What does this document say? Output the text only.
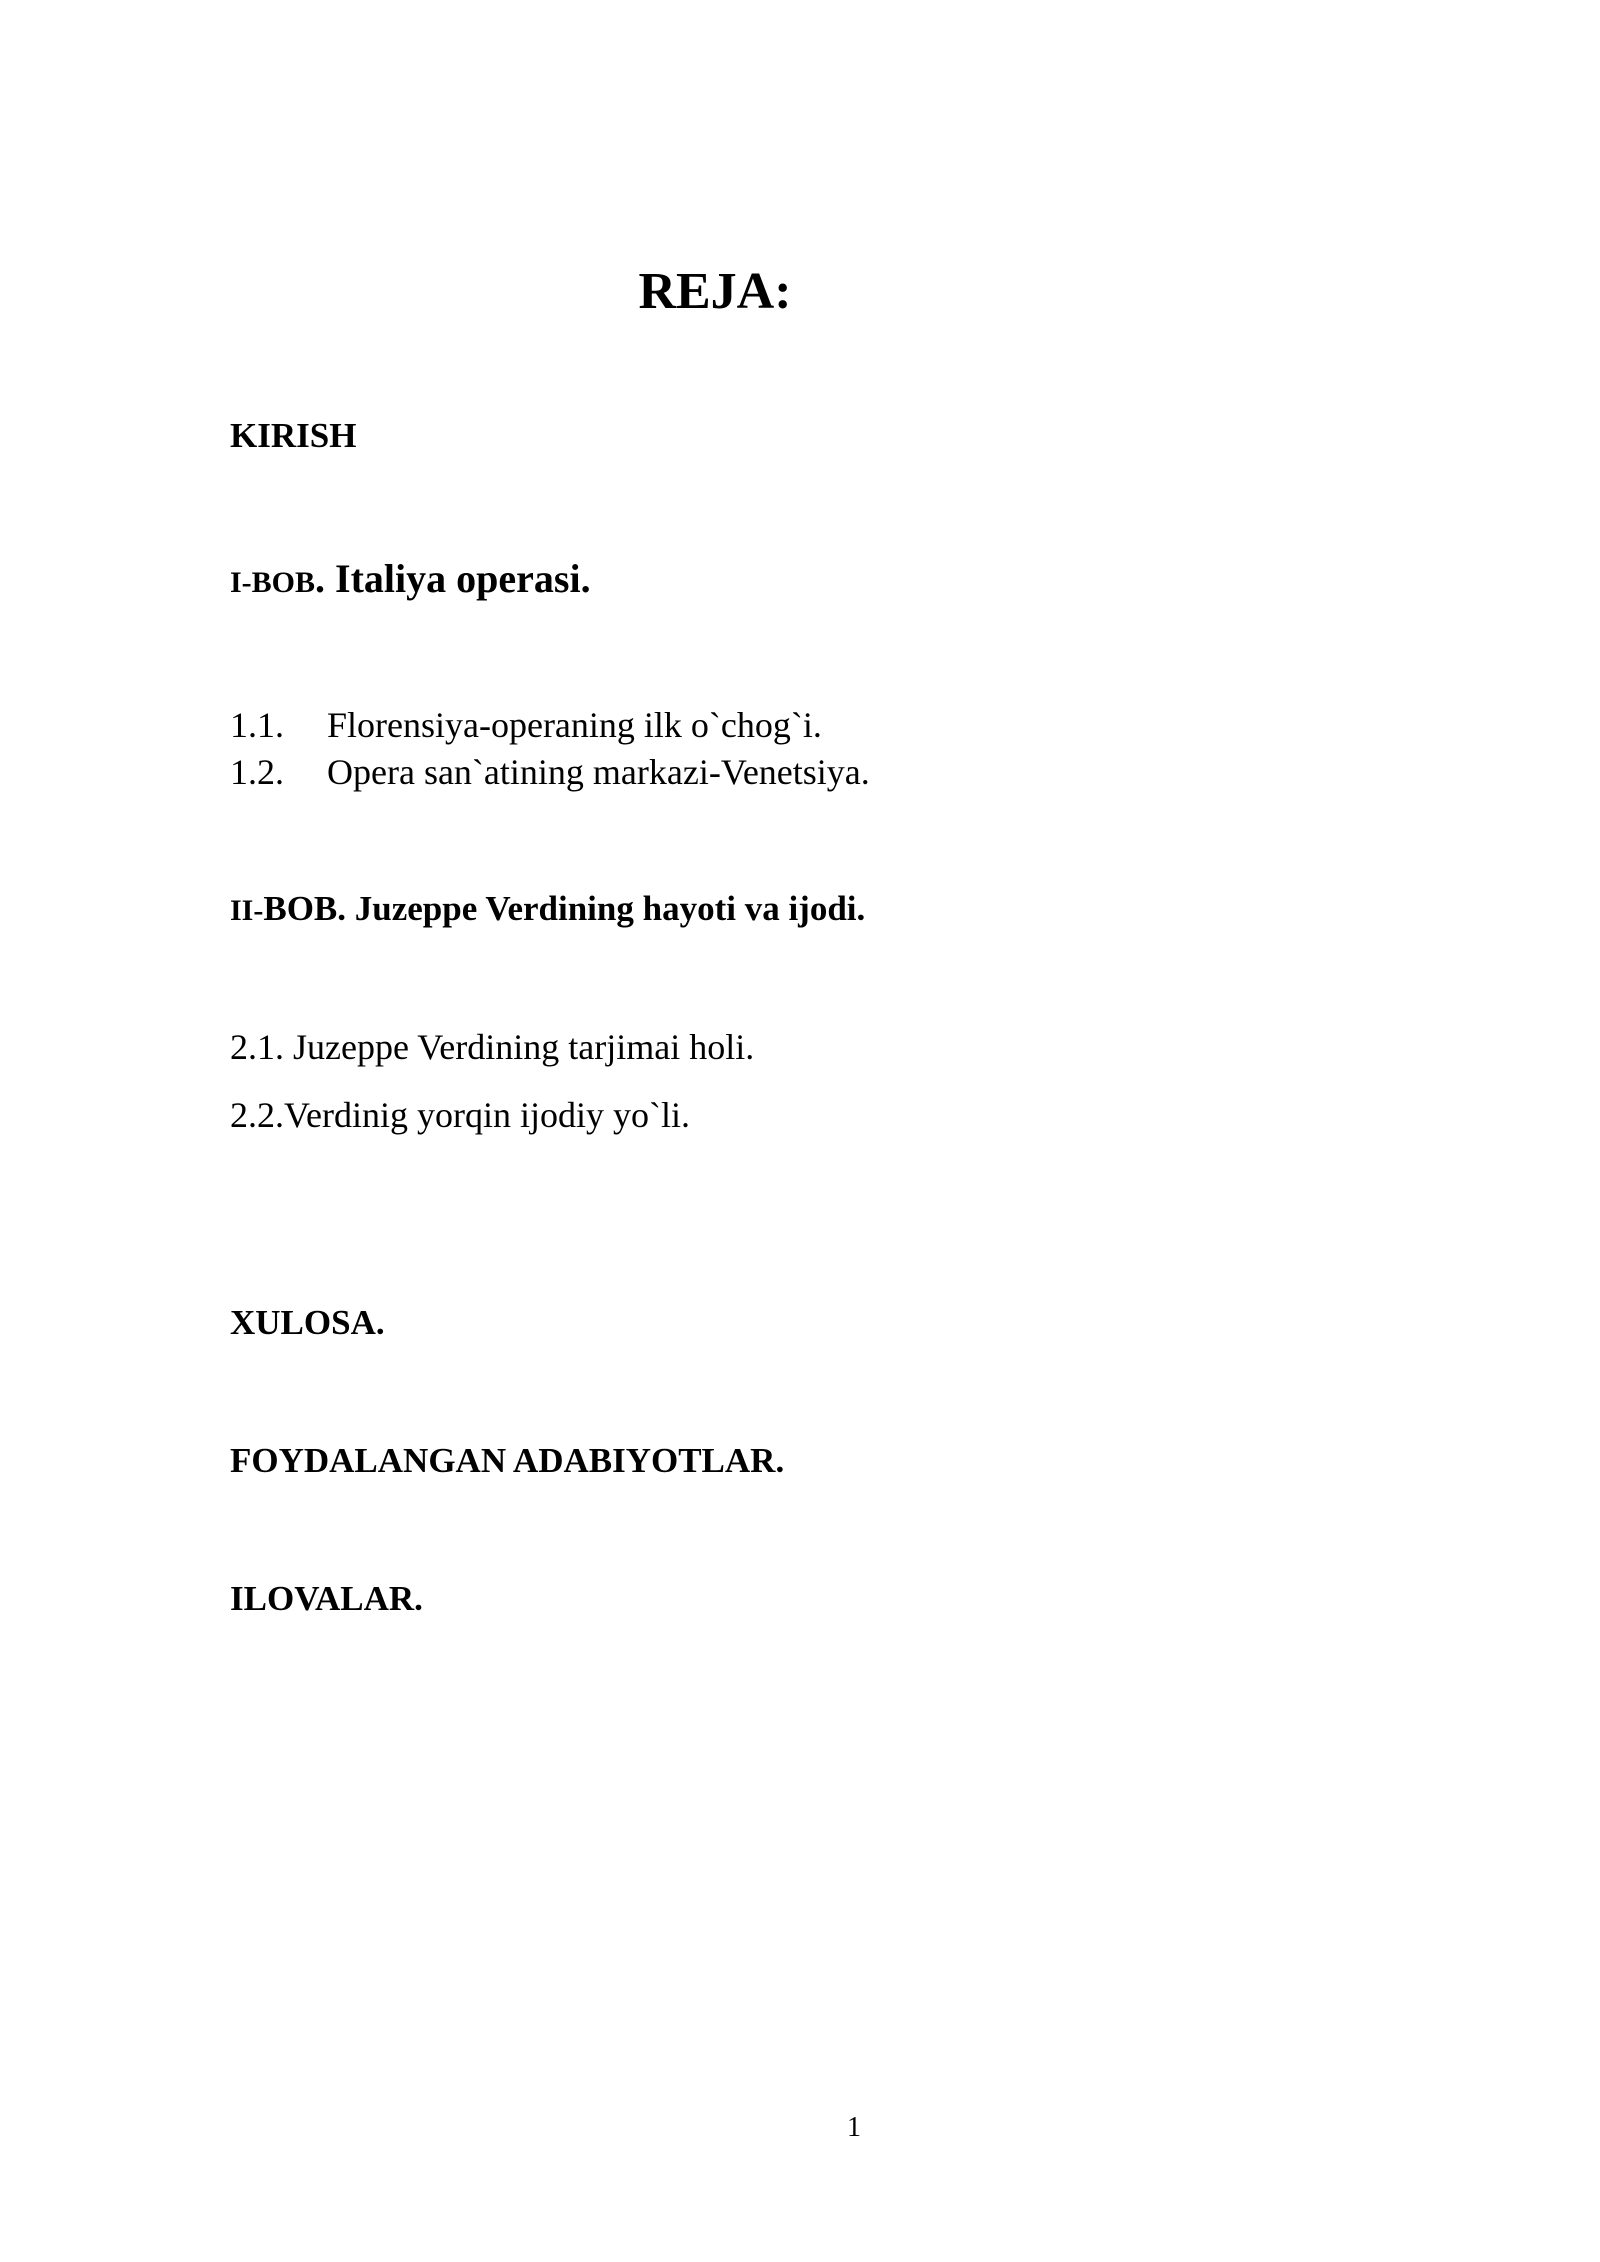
REJA:
KIRISH
I-BOB. Italiya operasi.
1.1. Florensiya-operaning ilk o`chog`i.
1.2. Opera san`atining markazi-Venetsiya.
II-BOB. Juzeppe Verdining hayoti va ijodi.
2.1. Juzeppe Verdining tarjimai holi.
2.2.Verdinig yorqin ijodiy yo`li.
XULOSA.
FOYDALANGAN ADABIYOTLAR.
ILOVALAR.
1
